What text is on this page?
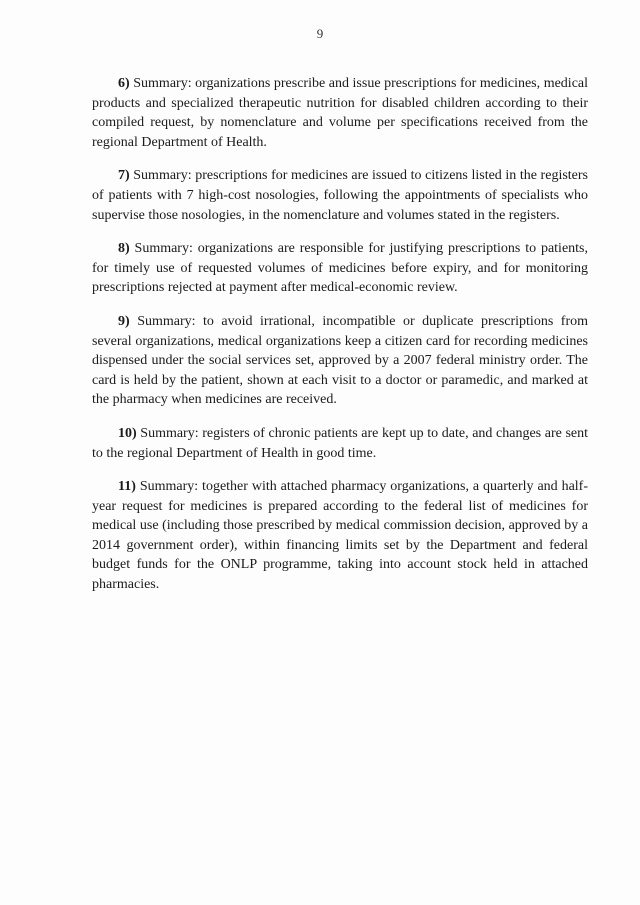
9

6) Summary: organizations prescribe and issue prescriptions for medicines, medical products and specialized therapeutic nutrition for disabled children according to their compiled request, by nomenclature and volume per specifications received from the regional Department of Health.

7) Summary: prescriptions for medicines are issued to citizens listed in the registers of patients with 7 high-cost nosologies, following the appointments of specialists who supervise those nosologies, in the nomenclature and volumes stated in the registers.

8) Summary: organizations are responsible for justifying prescriptions to patients, for timely use of requested volumes of medicines before expiry, and for monitoring prescriptions rejected at payment after medical-economic review.

9) Summary: to avoid irrational, incompatible or duplicate prescriptions from several organizations, medical organizations keep a citizen card for recording medicines dispensed under the social services set, approved by a 2007 federal ministry order. The card is held by the patient, shown at each visit to a doctor or paramedic, and marked at the pharmacy when medicines are received.

10) Summary: registers of chronic patients are kept up to date, and changes are sent to the regional Department of Health in good time.

11) Summary: together with attached pharmacy organizations, a quarterly and half-year request for medicines is prepared according to the federal list of medicines for medical use (including those prescribed by medical commission decision, approved by a 2014 government order), within financing limits set by the Department and federal budget funds for the ONLP programme, taking into account stock held in attached pharmacies.
